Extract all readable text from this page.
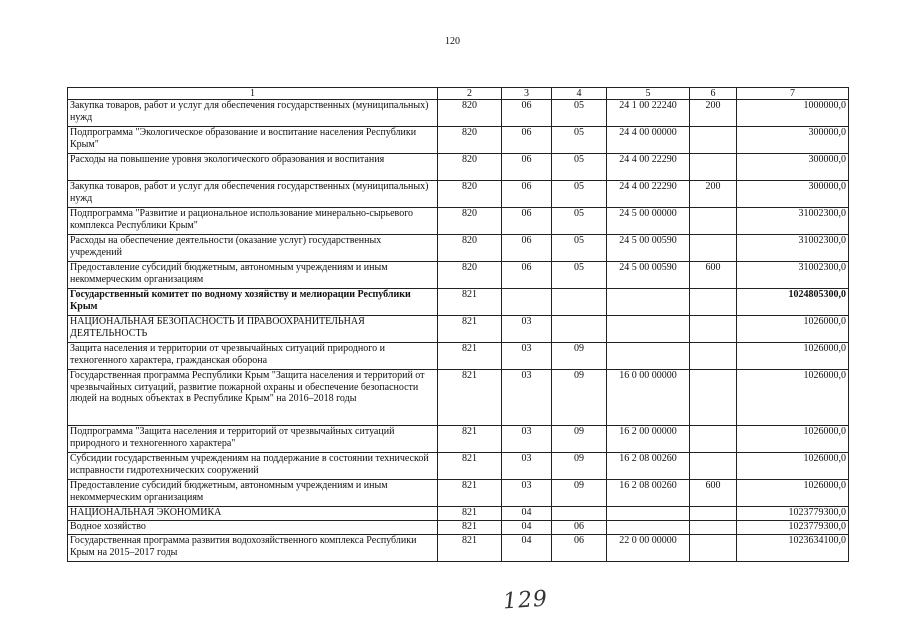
120
1	2	3	4	5	6	7
Закупка товаров, работ и услуг для обеспечения государственных (муниципальных) нужд	820	06	05	24 1 00 22240	200	1000000,0
Подпрограмма "Экологическое образование и воспитание населения Республики Крым"	820	06	05	24 4 00 00000		300000,0
Расходы на повышение уровня экологического образования и воспитания	820	06	05	24 4 00 22290		300000,0
Закупка товаров, работ и услуг для обеспечения государственных (муниципальных) нужд	820	06	05	24 4 00 22290	200	300000,0
Подпрограмма "Развитие и рациональное использование минерально-сырьевого комплекса Республики Крым"	820	06	05	24 5 00 00000		31002300,0
Расходы на обеспечение деятельности (оказание услуг) государственных учреждений	820	06	05	24 5 00 00590		31002300,0
Предоставление субсидий бюджетным, автономным учреждениям и иным некоммерческим организациям	820	06	05	24 5 00 00590	600	31002300,0
Государственный комитет по водному хозяйству и мелиорации Республики Крым	821					1024805300,0
НАЦИОНАЛЬНАЯ БЕЗОПАСНОСТЬ И ПРАВООХРАНИТЕЛЬНАЯ ДЕЯТЕЛЬНОСТЬ	821	03				1026000,0
Защита населения и территории от чрезвычайных ситуаций природного и техногенного характера, гражданская оборона	821	03	09			1026000,0
Государственная программа Республики Крым "Защита населения и территорий от чрезвычайных ситуаций, развитие пожарной охраны и обеспечение безопасности людей на водных объектах в Республике Крым" на 2016–2018 годы	821	03	09	16 0 00 00000		1026000,0
Подпрограмма "Защита населения и территорий от чрезвычайных ситуаций природного и техногенного характера"	821	03	09	16 2 00 00000		1026000,0
Субсидии государственным учреждениям на поддержание в состоянии технической исправности гидротехнических сооружений	821	03	09	16 2 08 00260		1026000,0
Предоставление субсидий бюджетным, автономным учреждениям и иным некоммерческим организациям	821	03	09	16 2 08 00260	600	1026000,0
НАЦИОНАЛЬНАЯ ЭКОНОМИКА	821	04				1023779300,0
Водное хозяйство	821	04	06			1023779300,0
Государственная программа развития водохозяйственного комплекса Республики Крым на 2015–2017 годы	821	04	06	22 0 00 00000		1023634100,0
129
